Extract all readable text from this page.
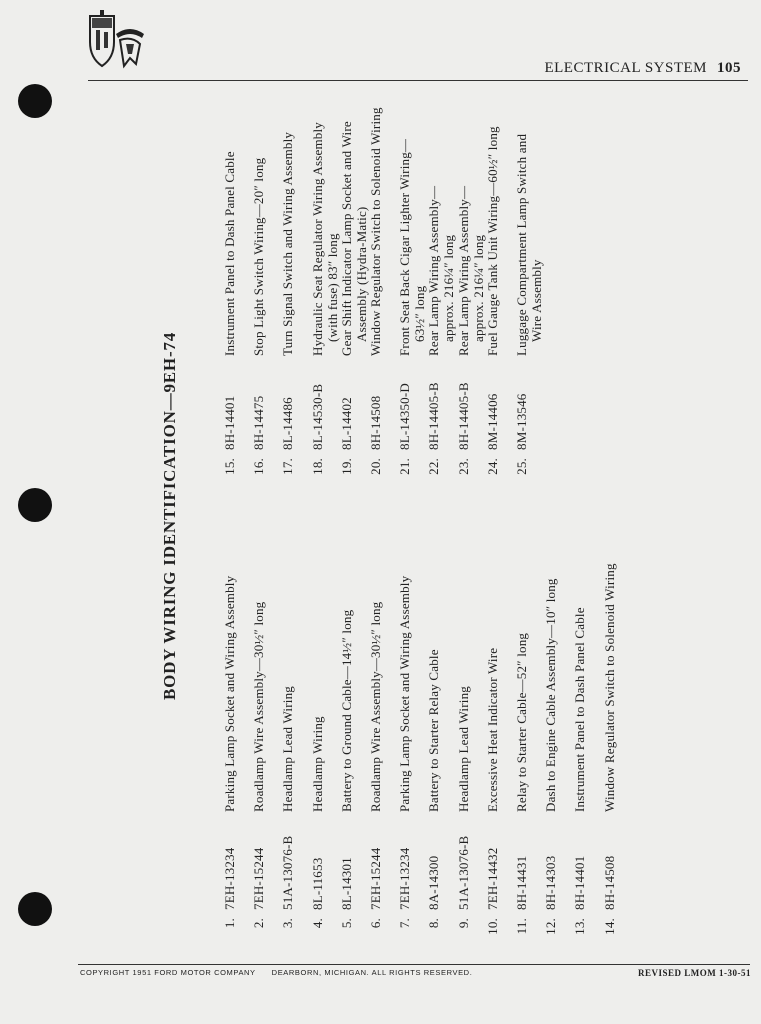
ELECTRICAL SYSTEM 105
BODY WIRING IDENTIFICATION—9EH-74
1.
7EH-13234
Parking Lamp Socket and Wiring Assembly
2.
7EH-15244
Roadlamp Wire Assembly—30½″ long
3.
51A-13076-B
Headlamp Lead Wiring
4.
8L-11653
Headlamp Wiring
5.
8L-14301
Battery to Ground Cable—14½″ long
6.
7EH-15244
Roadlamp Wire Assembly—30½″ long
7.
7EH-13234
Parking Lamp Socket and Wiring Assembly
8.
8A-14300
Battery to Starter Relay Cable
9.
51A-13076-B
Headlamp Lead Wiring
10.
7EH-14432
Excessive Heat Indicator Wire
11.
8H-14431
Relay to Starter Cable—52″ long
12.
8H-14303
Dash to Engine Cable Assembly—10″ long
13.
8H-14401
Instrument Panel to Dash Panel Cable
14.
8H-14508
Window Regulator Switch to Solenoid Wiring
15.
8H-14401
Instrument Panel to Dash Panel Cable
16.
8H-14475
Stop Light Switch Wiring—20″ long
17.
8L-14486
Turn Signal Switch and Wiring Assembly
18.
8L-14530-B
Hydraulic Seat Regulator Wiring Assembly (with fuse) 83″ long
19.
8L-14402
Gear Shift Indicator Lamp Socket and Wire Assembly (Hydra-Matic)
20.
8H-14508
Window Regulator Switch to Solenoid Wiring
21.
8L-14350-D
Front Seat Back Cigar Lighter Wiring— 63½″ long
22.
8H-14405-B
Rear Lamp Wiring Assembly— approx. 216¼″ long
23.
8H-14405-B
Rear Lamp Wiring Assembly— approx. 216¼″ long
24.
8M-14406
Fuel Gauge Tank Unit Wiring—60½″ long
25.
8M-13546
Luggage Compartment Lamp Switch and Wire Assembly
COPYRIGHT 1951 FORD MOTOR COMPANY DEARBORN, MICHIGAN. ALL RIGHTS RESERVED.	REVISED LMOM 1-30-51
